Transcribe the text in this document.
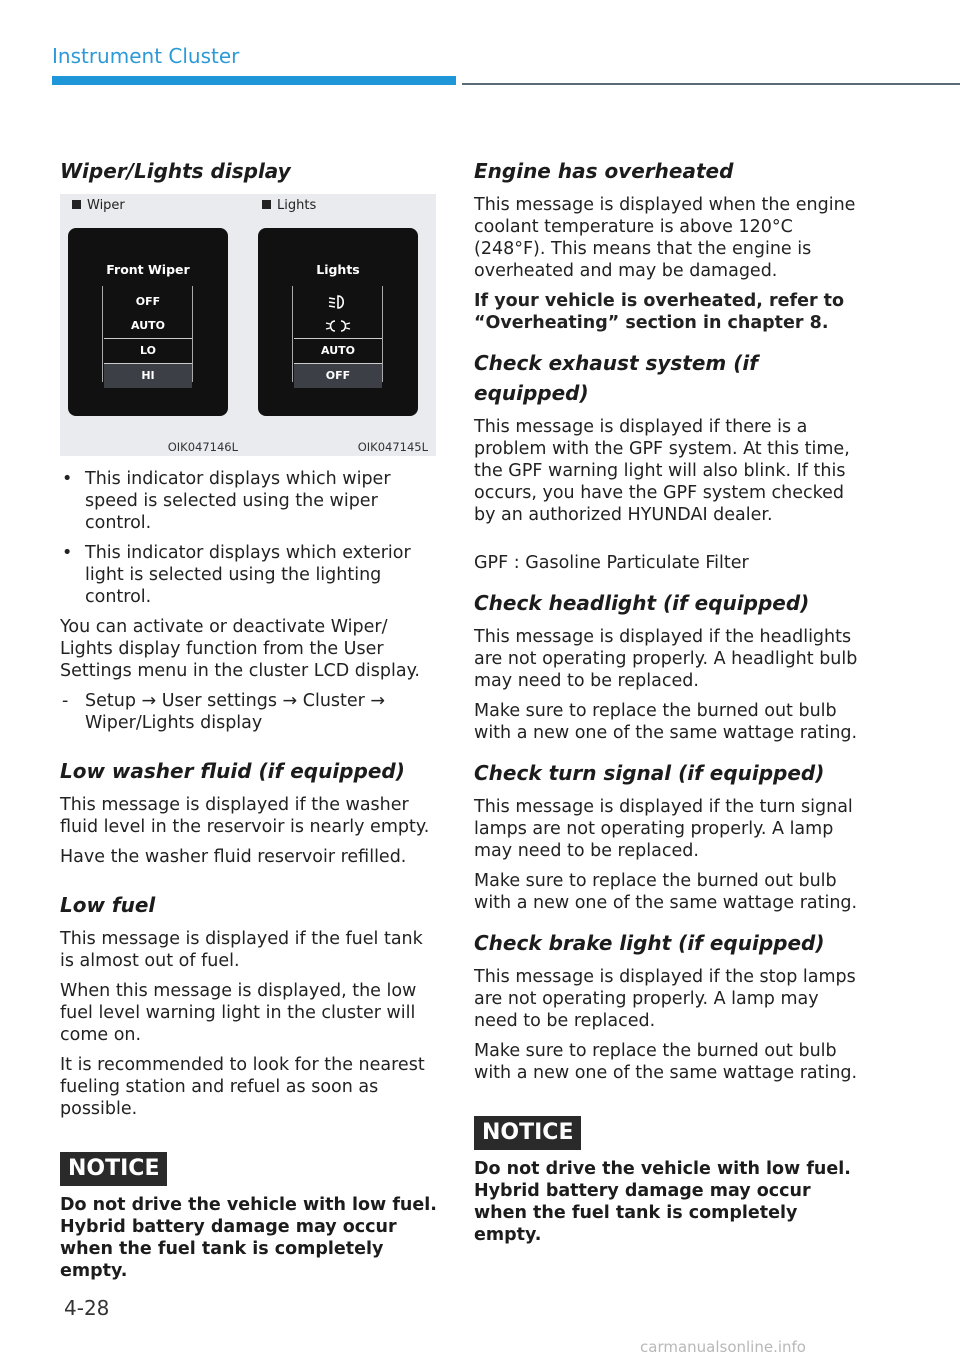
Instrument Cluster
Wiper/Lights display
Wiper
Front Wiper
OFF
AUTO
LO
HI
OIK047146L
Lights
Lights
AUTO
OFF
OIK047145L
• This indicator displays which wiper speed is selected using the wiper control.
• This indicator displays which exterior light is selected using the lighting control.

You can activate or deactivate Wiper/ Lights display function from the User Settings menu in the cluster LCD display.

- Setup → User settings → Cluster → Wiper/Lights display
Low washer fluid (if equipped)

This message is displayed if the washer fluid level in the reservoir is nearly empty.

Have the washer fluid reservoir refilled.

Low fuel

This message is displayed if the fuel tank is almost out of fuel.

When this message is displayed, the low fuel level warning light in the cluster will come on.

It is recommended to look for the nearest fueling station and refuel as soon as possible.

NOTICE
Do not drive the vehicle with low fuel. Hybrid battery damage may occur when the fuel tank is completely empty.
Engine has overheated

This message is displayed when the engine coolant temperature is above 120°C (248°F). This means that the engine is overheated and may be damaged.

If your vehicle is overheated, refer to “Overheating” section in chapter 8.

Check exhaust system (if equipped)

This message is displayed if there is a problem with the GPF system. At this time, the GPF warning light will also blink. If this occurs, you have the GPF system checked by an authorized HYUNDAI dealer.

GPF : Gasoline Particulate Filter

Check headlight (if equipped)

This message is displayed if the headlights are not operating properly. A headlight bulb may need to be replaced.

Make sure to replace the burned out bulb with a new one of the same wattage rating.

Check turn signal (if equipped)

This message is displayed if the turn signal lamps are not operating properly. A lamp may need to be replaced.

Make sure to replace the burned out bulb with a new one of the same wattage rating.

Check brake light (if equipped)

This message is displayed if the stop lamps are not operating properly. A lamp may need to be replaced.

Make sure to replace the burned out bulb with a new one of the same wattage rating.

NOTICE
Do not drive the vehicle with low fuel. Hybrid battery damage may occur when the fuel tank is completely empty.
4-28
carmanualsonline.info
